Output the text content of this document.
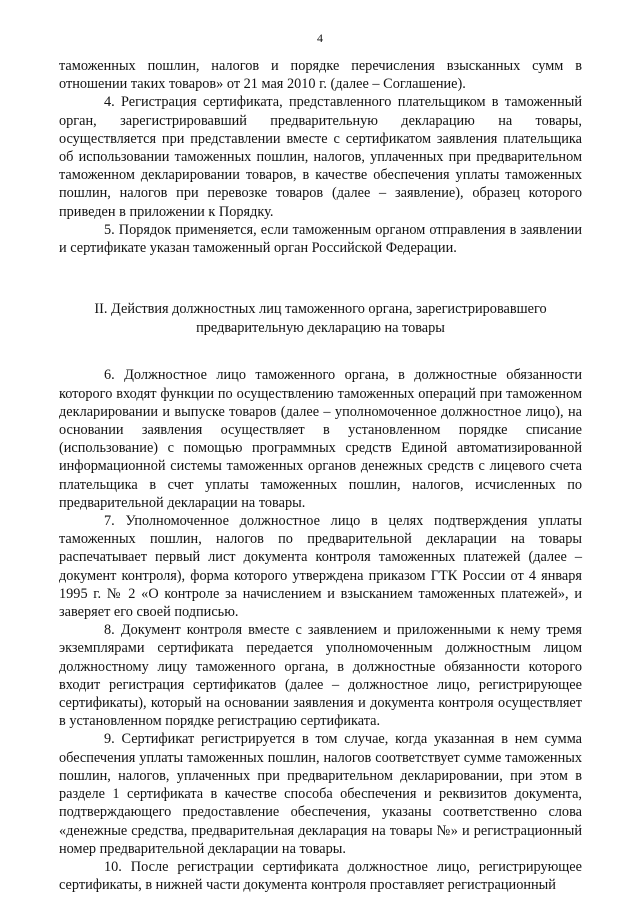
4

таможенных пошлин, налогов и порядке перечисления взысканных сумм в отношении таких товаров» от 21 мая 2010 г. (далее – Соглашение).

4. Регистрация сертификата, представленного плательщиком в таможенный орган, зарегистрировавший предварительную декларацию на товары, осуществляется при представлении вместе с сертификатом заявления плательщика об использовании таможенных пошлин, налогов, уплаченных при предварительном таможенном декларировании товаров, в качестве обеспечения уплаты таможенных пошлин, налогов при перевозке товаров (далее – заявление), образец которого приведен в приложении к Порядку.

5. Порядок применяется, если таможенным органом отправления в заявлении и сертификате указан таможенный орган Российской Федерации.

II. Действия должностных лиц таможенного органа, зарегистрировавшего предварительную декларацию на товары

6. Должностное лицо таможенного органа, в должностные обязанности которого входят функции по осуществлению таможенных операций при таможенном декларировании и выпуске товаров (далее – уполномоченное должностное лицо), на основании заявления осуществляет в установленном порядке списание (использование) с помощью программных средств Единой автоматизированной информационной системы таможенных органов денежных средств с лицевого счета плательщика в счет уплаты таможенных пошлин, налогов, исчисленных по предварительной декларации на товары.

7. Уполномоченное должностное лицо в целях подтверждения уплаты таможенных пошлин, налогов по предварительной декларации на товары распечатывает первый лист документа контроля таможенных платежей (далее – документ контроля), форма которого утверждена приказом ГТК России от 4 января 1995 г. № 2 «О контроле за начислением и взысканием таможенных платежей», и заверяет его своей подписью.

8. Документ контроля вместе с заявлением и приложенными к нему тремя экземплярами сертификата передается уполномоченным должностным лицом должностному лицу таможенного органа, в должностные обязанности которого входит регистрация сертификатов (далее – должностное лицо, регистрирующее сертификаты), который на основании заявления и документа контроля осуществляет в установленном порядке регистрацию сертификата.

9. Сертификат регистрируется в том случае, когда указанная в нем сумма обеспечения уплаты таможенных пошлин, налогов соответствует сумме таможенных пошлин, налогов, уплаченных при предварительном декларировании, при этом в разделе 1 сертификата в качестве способа обеспечения и реквизитов документа, подтверждающего предоставление обеспечения, указаны соответственно слова «денежные средства, предварительная декларация на товары №» и регистрационный номер предварительной декларации на товары.

10. После регистрации сертификата должностное лицо, регистрирующее сертификаты, в нижней части документа контроля проставляет регистрационный
